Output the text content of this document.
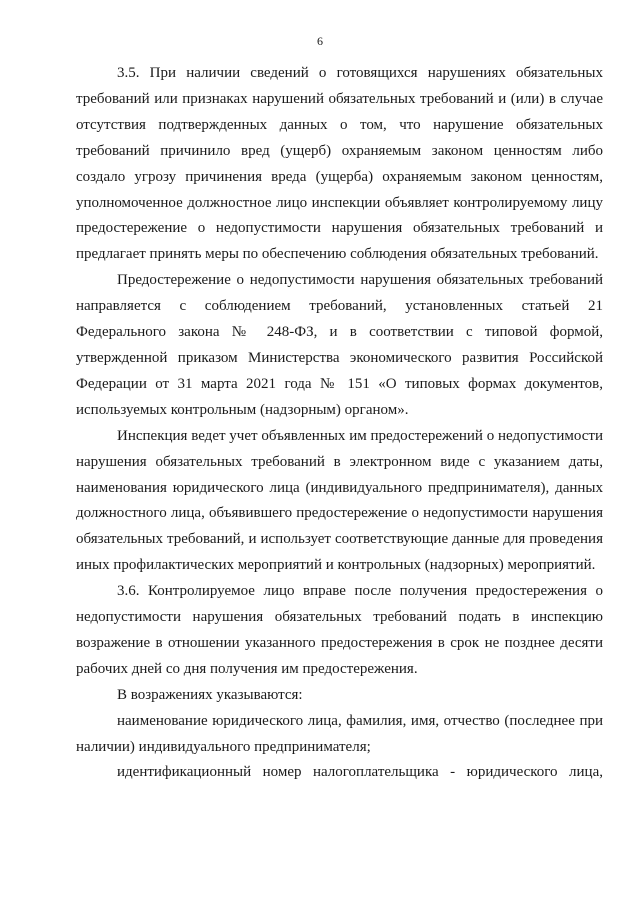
6

3.5. При наличии сведений о готовящихся нарушениях обязательных требований или признаках нарушений обязательных требований и (или) в случае отсутствия подтвержденных данных о том, что нарушение обязательных требований причинило вред (ущерб) охраняемым законом ценностям либо создало угрозу причинения вреда (ущерба) охраняемым законом ценностям, уполномоченное должностное лицо инспекции объявляет контролируемому лицу предостережение о недопустимости нарушения обязательных требований и предлагает принять меры по обеспечению соблюдения обязательных требований.

Предостережение о недопустимости нарушения обязательных требований направляется с соблюдением требований, установленных статьей 21 Федерального закона № 248-ФЗ, и в соответствии с типовой формой, утвержденной приказом Министерства экономического развития Российской Федерации от 31 марта 2021 года № 151 «О типовых формах документов, используемых контрольным (надзорным) органом».

Инспекция ведет учет объявленных им предостережений о недопустимости нарушения обязательных требований в электронном виде с указанием даты, наименования юридического лица (индивидуального предпринимателя), данных должностного лица, объявившего предостережение о недопустимости нарушения обязательных требований, и использует соответствующие данные для проведения иных профилактических мероприятий и контрольных (надзорных) мероприятий.

3.6. Контролируемое лицо вправе после получения предостережения о недопустимости нарушения обязательных требований подать в инспекцию возражение в отношении указанного предостережения в срок не позднее десяти рабочих дней со дня получения им предостережения.

В возражениях указываются:

наименование юридического лица, фамилия, имя, отчество (последнее при наличии) индивидуального предпринимателя;

идентификационный номер налогоплательщика - юридического лица,
